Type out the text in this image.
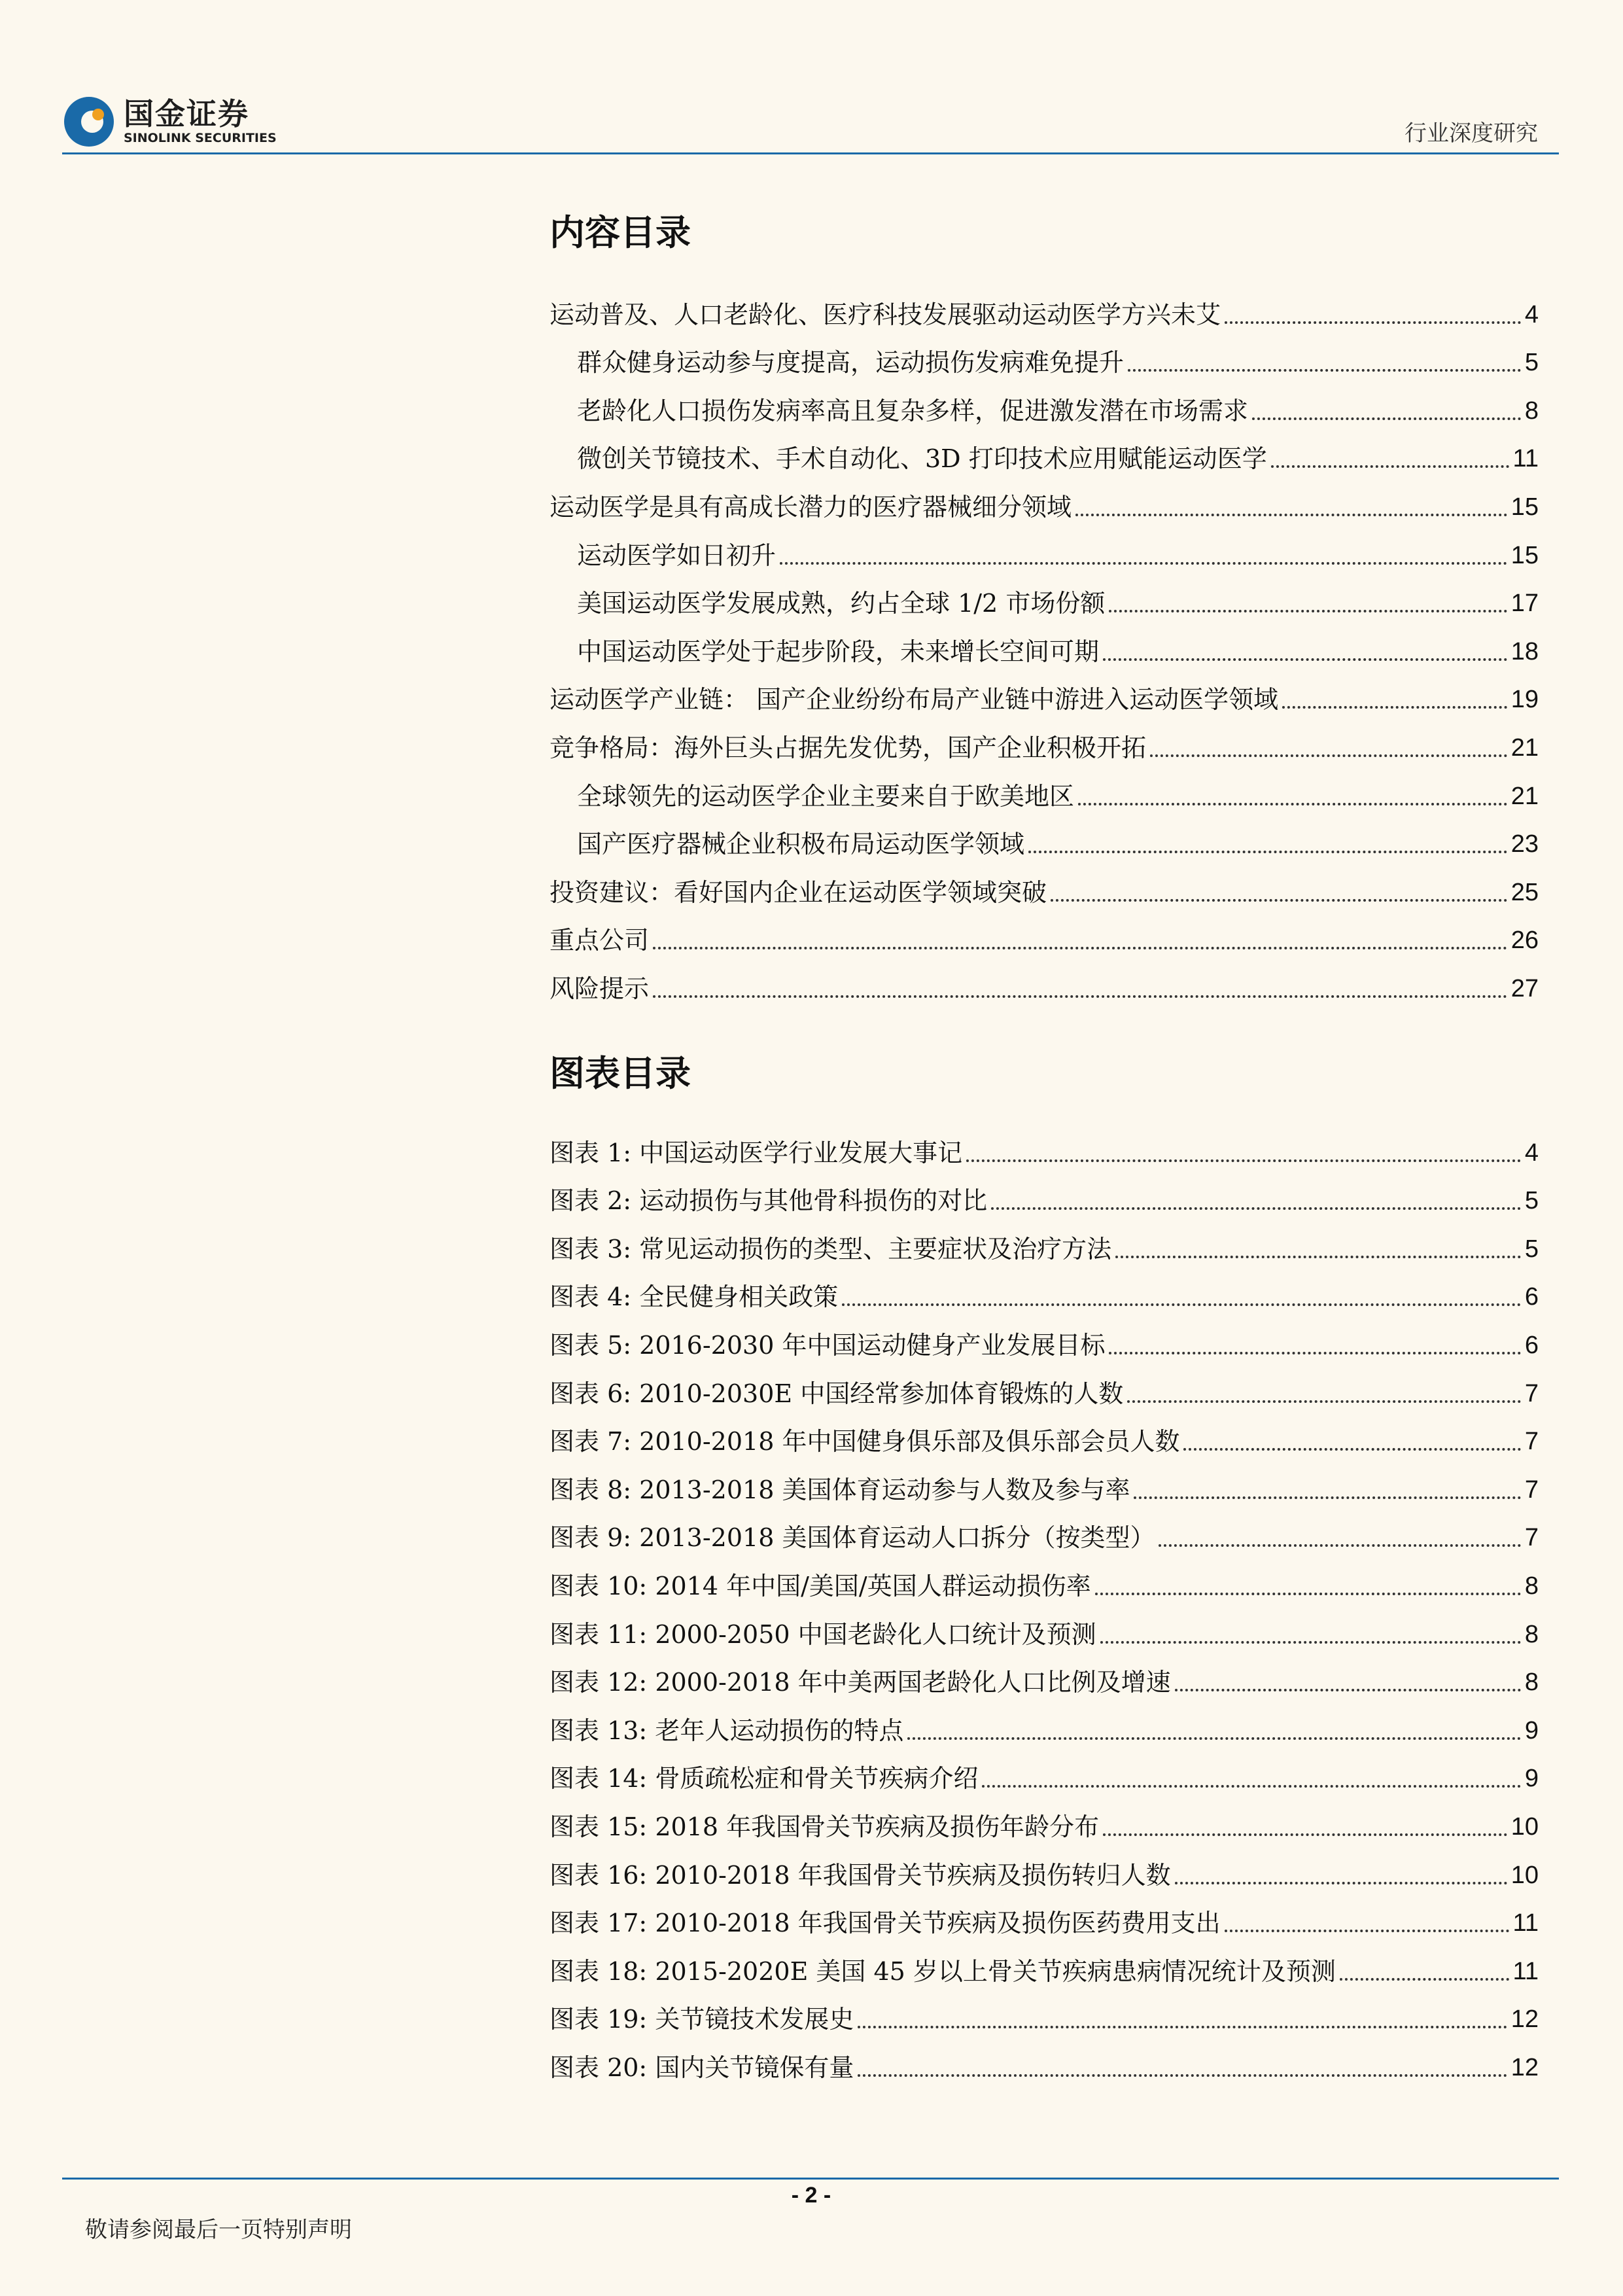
国金证券
SINOLINK SECURITIES	行业深度研究
内容目录
运动普及、人口老龄化、医疗科技发展驱动运动医学方兴未艾	4
群众健身运动参与度提高，运动损伤发病难免提升	5
老龄化人口损伤发病率高且复杂多样，促进激发潜在市场需求	8
微创关节镜技术、手术自动化、3D 打印技术应用赋能运动医学	11
运动医学是具有高成长潜力的医疗器械细分领域	15
运动医学如日初升	15
美国运动医学发展成熟，约占全球 1/2 市场份额	17
中国运动医学处于起步阶段，未来增长空间可期	18
运动医学产业链： 国产企业纷纷布局产业链中游进入运动医学领域	19
竞争格局：海外巨头占据先发优势，国产企业积极开拓	21
全球领先的运动医学企业主要来自于欧美地区	21
国产医疗器械企业积极布局运动医学领域	23
投资建议：看好国内企业在运动医学领域突破	25
重点公司	26
风险提示	27
图表目录
图表 1: 中国运动医学行业发展大事记	4
图表 2: 运动损伤与其他骨科损伤的对比	5
图表 3: 常见运动损伤的类型、主要症状及治疗方法	5
图表 4: 全民健身相关政策	6
图表 5: 2016-2030 年中国运动健身产业发展目标	6
图表 6: 2010-2030E 中国经常参加体育锻炼的人数	7
图表 7: 2010-2018 年中国健身俱乐部及俱乐部会员人数	7
图表 8: 2013-2018 美国体育运动参与人数及参与率	7
图表 9: 2013-2018 美国体育运动人口拆分（按类型）	7
图表 10: 2014 年中国/美国/英国人群运动损伤率	8
图表 11: 2000-2050 中国老龄化人口统计及预测	8
图表 12: 2000-2018 年中美两国老龄化人口比例及增速	8
图表 13: 老年人运动损伤的特点	9
图表 14: 骨质疏松症和骨关节疾病介绍	9
图表 15: 2018 年我国骨关节疾病及损伤年龄分布	10
图表 16: 2010-2018 年我国骨关节疾病及损伤转归人数	10
图表 17: 2010-2018 年我国骨关节疾病及损伤医药费用支出	11
图表 18: 2015-2020E 美国 45 岁以上骨关节疾病患病情况统计及预测	11
图表 19: 关节镜技术发展史	12
图表 20: 国内关节镜保有量	12
- 2 -
敬请参阅最后一页特别声明
